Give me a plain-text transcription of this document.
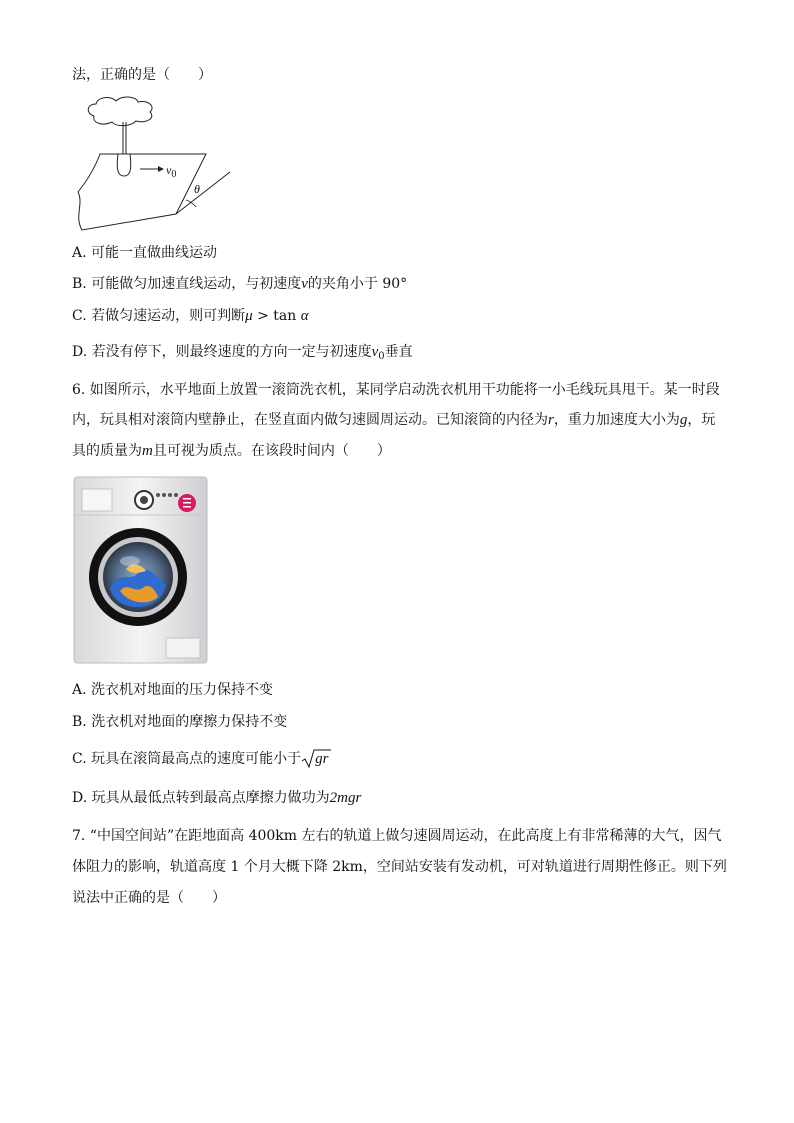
法，正确的是（　　）
$v_0$
θ
A. 可能一直做曲线运动
B. 可能做匀加速直线运动，与初速度v的夹角小于 90°
C. 若做匀速运动，则可判断μ > tan α
D. 若没有停下，则最终速度的方向一定与初速度$v_0$垂直
6. 如图所示，水平地面上放置一滚筒洗衣机，某同学启动洗衣机用干功能将一小毛线玩具甩干。某一时段
内，玩具相对滚筒内壁静止，在竖直面内做匀速圆周运动。已知滚筒的内径为r，重力加速度大小为g，玩
具的质量为m且可视为质点。在该段时间内（　　）
A. 洗衣机对地面的压力保持不变
B. 洗衣机对地面的摩擦力保持不变
C. 玩具在滚筒最高点的速度可能小于 gr
D. 玩具从最低点转到最高点摩擦力做功为2mgr
7. “中国空间站”在距地面高 400km 左右的轨道上做匀速圆周运动，在此高度上有非常稀薄的大气，因气
体阻力的影响，轨道高度 1 个月大概下降 2km，空间站安装有发动机，可对轨道进行周期性修正。则下列
说法中正确的是（　　）
